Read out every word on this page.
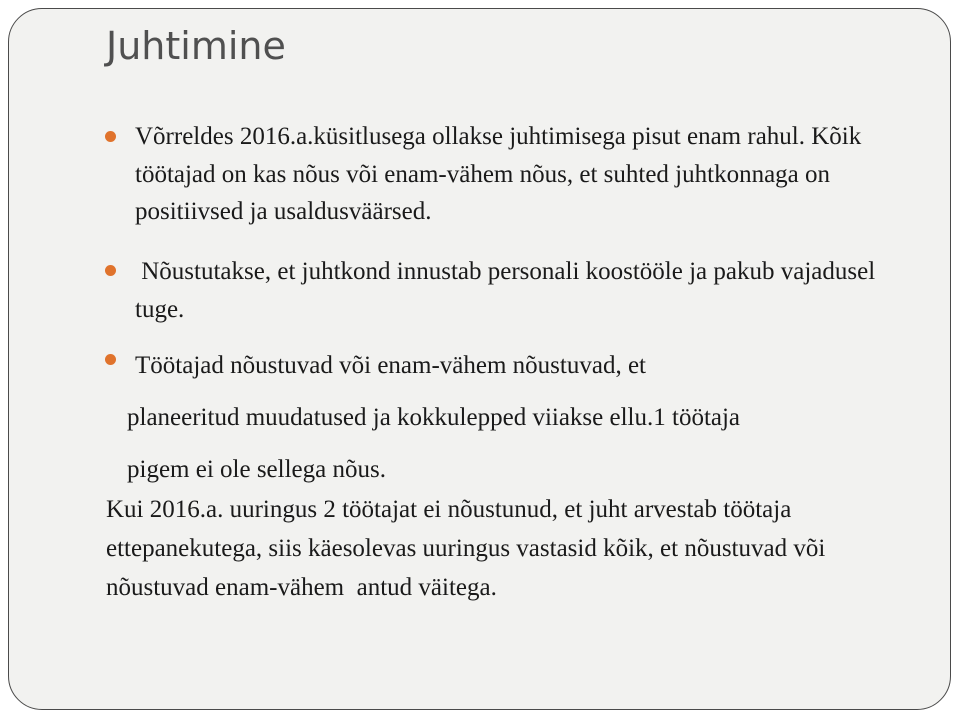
Juhtimine

Võrreldes 2016.a.küsitlusega ollakse juhtimisega pisut enam rahul. Kõik töötajad on kas nõus või enam-vähem nõus, et suhted juhtkonnaga on positiivsed ja usaldusväärsed.

Nõustutakse, et juhtkond innustab personali koostööle ja pakub vajadusel tuge.

Töötajad nõustuvad või enam-vähem nõustuvad, et
planeeritud muudatused ja kokkulepped viiakse ellu.1 töötaja
pigem ei ole sellega nõus.

Kui 2016.a. uuringus 2 töötajat ei nõustunud, et juht arvestab töötaja ettepanekutega, siis käesolevas uuringus vastasid kõik, et nõustuvad või nõustuvad enam-vähem  antud väitega.
